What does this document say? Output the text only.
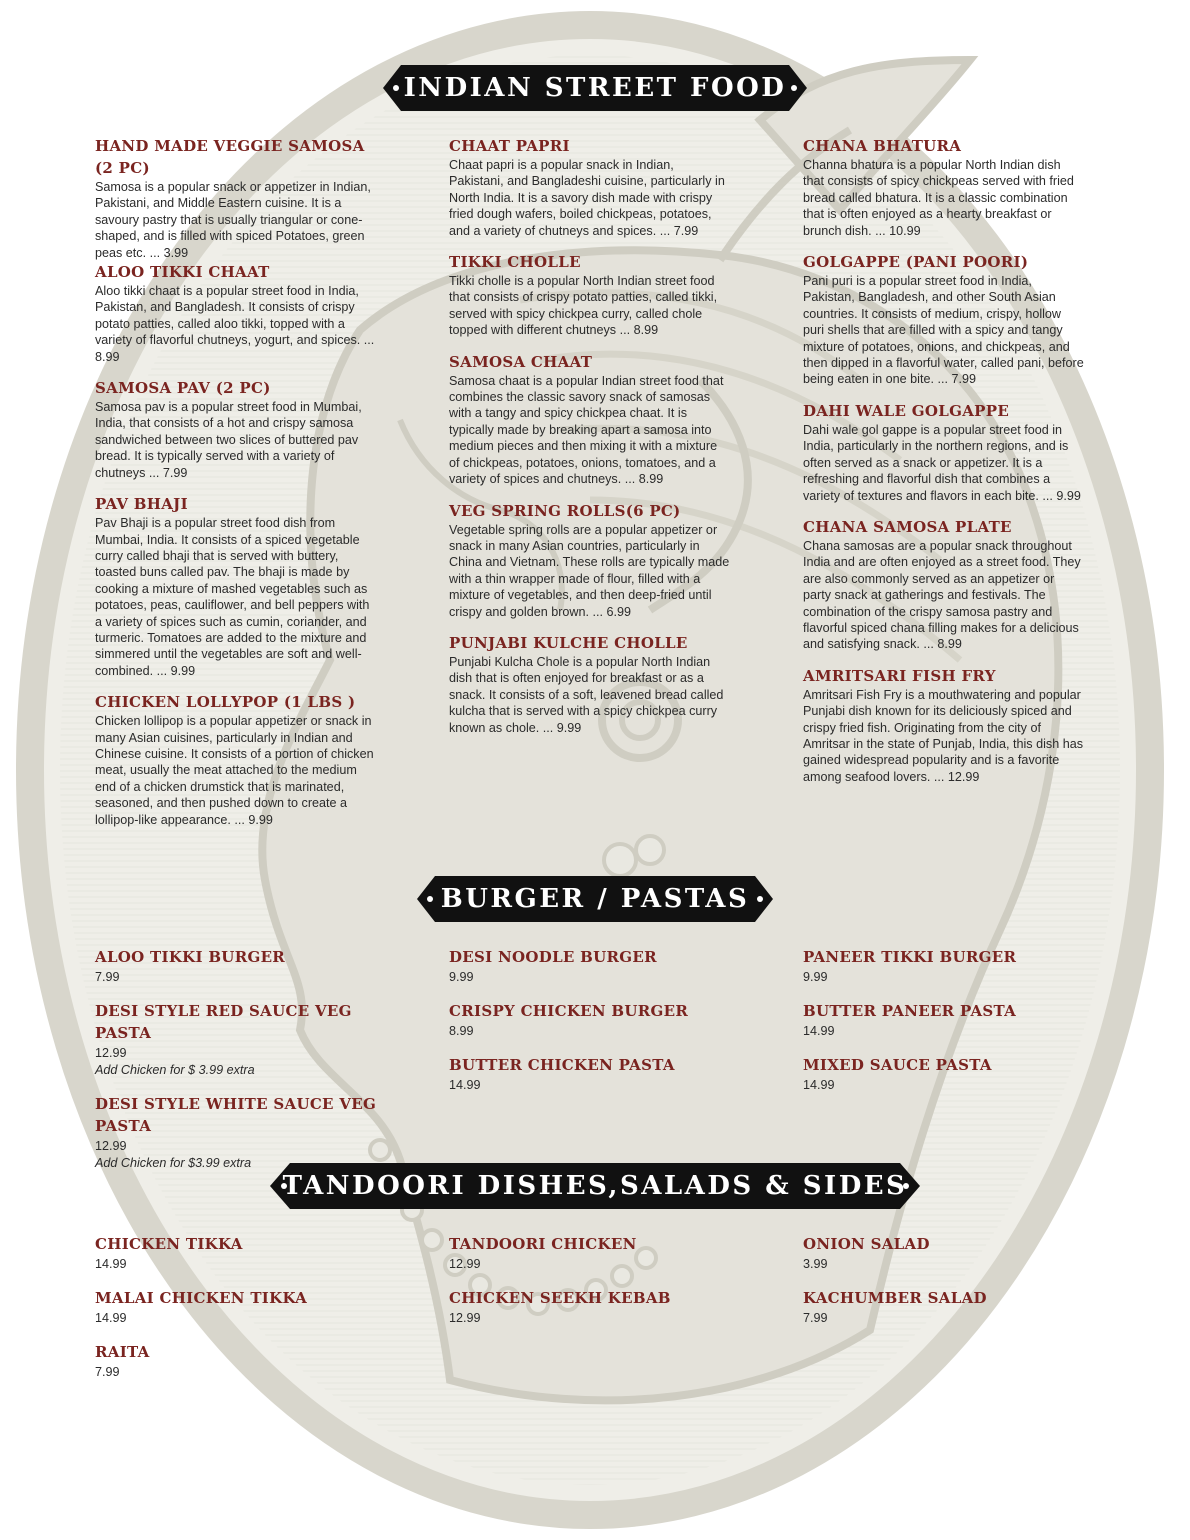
INDIAN STREET FOOD
HAND MADE VEGGIE SAMOSA (2 PC)

Samosa is a popular snack or appetizer in Indian, Pakistani, and Middle Eastern cuisine. It is a savoury pastry that is usually triangular or cone-shaped, and is filled with spiced Potatoes, green peas etc. ... 3.99

ALOO TIKKI CHAAT

Aloo tikki chaat is a popular street food in India, Pakistan, and Bangladesh. It consists of crispy potato patties, called aloo tikki, topped with a variety of flavorful chutneys, yogurt, and spices. ... 8.99

SAMOSA PAV (2 PC)

Samosa pav is a popular street food in Mumbai, India, that consists of a hot and crispy samosa sandwiched between two slices of buttered pav bread. It is typically served with a variety of chutneys ... 7.99

PAV BHAJI

Pav Bhaji is a popular street food dish from Mumbai, India. It consists of a spiced vegetable curry called bhaji that is served with buttery, toasted buns called pav. The bhaji is made by cooking a mixture of mashed vegetables such as potatoes, peas, cauliflower, and bell peppers with a variety of spices such as cumin, coriander, and turmeric. Tomatoes are added to the mixture and simmered until the vegetables are soft and well-combined. ... 9.99

CHICKEN LOLLYPOP (1 LBS )

Chicken lollipop is a popular appetizer or snack in many Asian cuisines, particularly in Indian and Chinese cuisine. It consists of a portion of chicken meat, usually the meat attached to the medium end of a chicken drumstick that is marinated, seasoned, and then pushed down to create a lollipop-like appearance. ... 9.99

CHAAT PAPRI

Chaat papri is a popular snack in Indian, Pakistani, and Bangladeshi cuisine, particularly in North India. It is a savory dish made with crispy fried dough wafers, boiled chickpeas, potatoes, and a variety of chutneys and spices. ... 7.99

TIKKI CHOLLE

Tikki cholle is a popular North Indian street food that consists of crispy potato patties, called tikki, served with spicy chickpea curry, called chole topped with different chutneys ... 8.99

SAMOSA CHAAT

Samosa chaat is a popular Indian street food that combines the classic savory snack of samosas with a tangy and spicy chickpea chaat. It is typically made by breaking apart a samosa into medium pieces and then mixing it with a mixture of chickpeas, potatoes, onions, tomatoes, and a variety of spices and chutneys. ... 8.99

VEG SPRING ROLLS(6 PC)

Vegetable spring rolls are a popular appetizer or snack in many Asian countries, particularly in China and Vietnam. These rolls are typically made with a thin wrapper made of flour, filled with a mixture of vegetables, and then deep-fried until crispy and golden brown. ... 6.99

PUNJABI KULCHE CHOLLE

Punjabi Kulcha Chole is a popular North Indian dish that is often enjoyed for breakfast or as a snack. It consists of a soft, leavened bread called kulcha that is served with a spicy chickpea curry known as chole. ... 9.99

CHANA BHATURA

Channa bhatura is a popular North Indian dish that consists of spicy chickpeas served with fried bread called bhatura. It is a classic combination that is often enjoyed as a hearty breakfast or brunch dish. ... 10.99

GOLGAPPE (PANI POORI)

Pani puri is a popular street food in India, Pakistan, Bangladesh, and other South Asian countries. It consists of medium, crispy, hollow puri shells that are filled with a spicy and tangy mixture of potatoes, onions, and chickpeas, and then dipped in a flavorful water, called pani, before being eaten in one bite. ... 7.99

DAHI WALE GOLGAPPE

Dahi wale gol gappe is a popular street food in India, particularly in the northern regions, and is often served as a snack or appetizer. It is a refreshing and flavorful dish that combines a variety of textures and flavors in each bite. ... 9.99

CHANA SAMOSA PLATE

Chana samosas are a popular snack throughout India and are often enjoyed as a street food. They are also commonly served as an appetizer or party snack at gatherings and festivals. The combination of the crispy samosa pastry and flavorful spiced chana filling makes for a delicious and satisfying snack. ... 8.99

AMRITSARI FISH FRY

Amritsari Fish Fry is a mouthwatering and popular Punjabi dish known for its deliciously spiced and crispy fried fish. Originating from the city of Amritsar in the state of Punjab, India, this dish has gained widespread popularity and is a favorite among seafood lovers. ... 12.99

BURGER / PASTAS
ALOO TIKKI BURGER
7.99
DESI STYLE RED SAUCE VEG PASTA
12.99
Add Chicken for $ 3.99 extra
DESI STYLE WHITE SAUCE VEG PASTA
12.99
Add Chicken for $3.99 extra
DESI NOODLE BURGER
9.99
CRISPY CHICKEN BURGER
8.99
BUTTER CHICKEN PASTA
14.99
PANEER TIKKI BURGER
9.99
BUTTER PANEER PASTA
14.99
MIXED SAUCE PASTA
14.99
TANDOORI DISHES,SALADS & SIDES
CHICKEN TIKKA
14.99
MALAI CHICKEN TIKKA
14.99
RAITA
7.99
TANDOORI CHICKEN
12.99
CHICKEN SEEKH KEBAB
12.99
ONION SALAD
3.99
KACHUMBER SALAD
7.99
